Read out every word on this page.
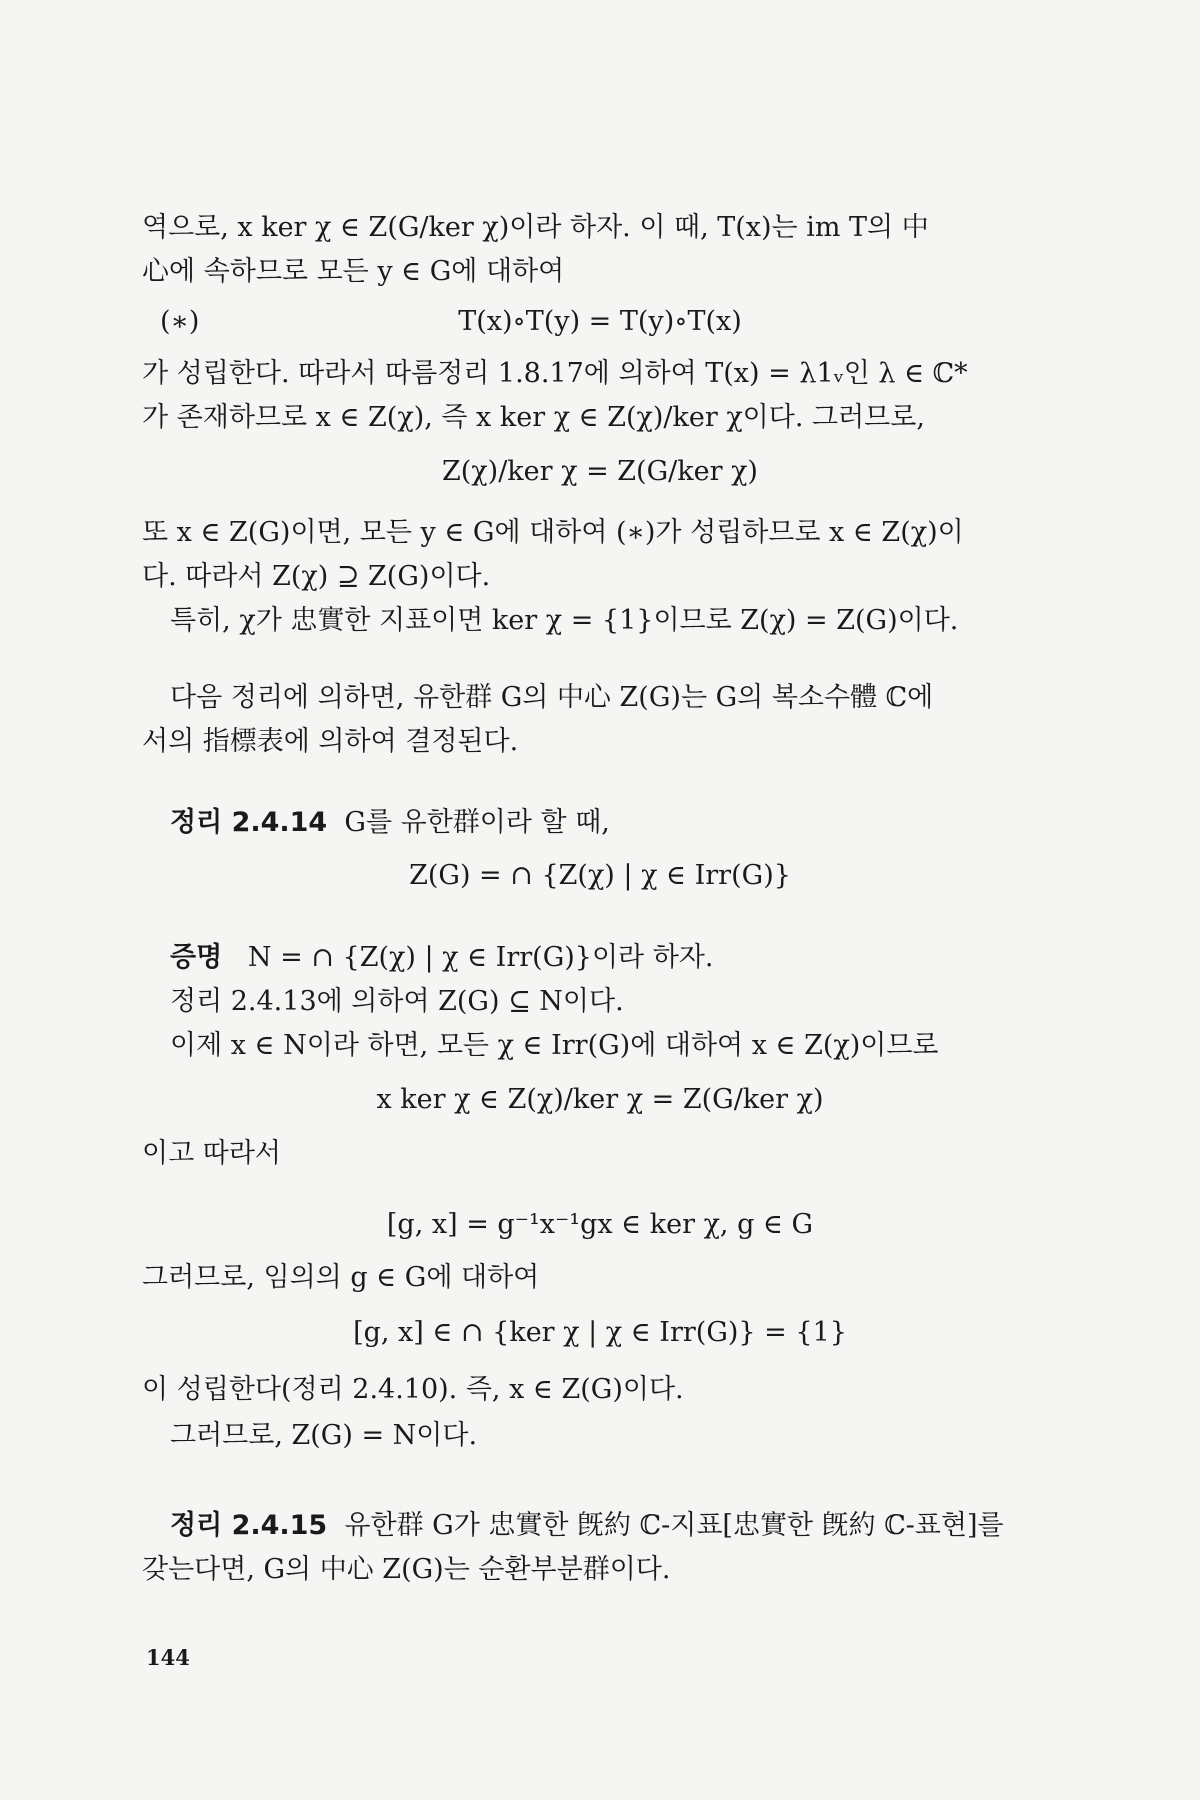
역으로, x ker χ ∈ Z(G/ker χ)이라 하자. 이 때, T(x)는 im T의 中
心에 속하므로 모든 y ∈ G에 대하여
(∗)	T(x)∘T(y) = T(y)∘T(x)
가 성립한다. 따라서 따름정리 1.8.17에 의하여 T(x) = λ1ᵥ인 λ ∈ ℂ*
가 존재하므로 x ∈ Z(χ), 즉 x ker χ ∈ Z(χ)/ker χ이다. 그러므로,
Z(χ)/ker χ = Z(G/ker χ)
또 x ∈ Z(G)이면, 모든 y ∈ G에 대하여 (∗)가 성립하므로 x ∈ Z(χ)이
다. 따라서 Z(χ) ⊇ Z(G)이다.
특히, χ가 忠實한 지표이면 ker χ = {1}이므로 Z(χ) = Z(G)이다.
다음 정리에 의하면, 유한群 G의 中心 Z(G)는 G의 복소수體 ℂ에
서의 指標表에 의하여 결정된다.
정리 2.4.14 G를 유한群이라 할 때,
Z(G) = ∩ {Z(χ) | χ ∈ Irr(G)}
증명 N = ∩ {Z(χ) | χ ∈ Irr(G)}이라 하자.
정리 2.4.13에 의하여 Z(G) ⊆ N이다.
이제 x ∈ N이라 하면, 모든 χ ∈ Irr(G)에 대하여 x ∈ Z(χ)이므로
x ker χ ∈ Z(χ)/ker χ = Z(G/ker χ)
이고 따라서
[g, x] = g⁻¹x⁻¹gx ∈ ker χ, g ∈ G
그러므로, 임의의 g ∈ G에 대하여
[g, x] ∈ ∩ {ker χ | χ ∈ Irr(G)} = {1}
이 성립한다(정리 2.4.10). 즉, x ∈ Z(G)이다.
그러므로, Z(G) = N이다.
정리 2.4.15 유한群 G가 忠實한 旣約 ℂ-지표[忠實한 旣約 ℂ-표현]를
갖는다면, G의 中心 Z(G)는 순환부분群이다.
144
